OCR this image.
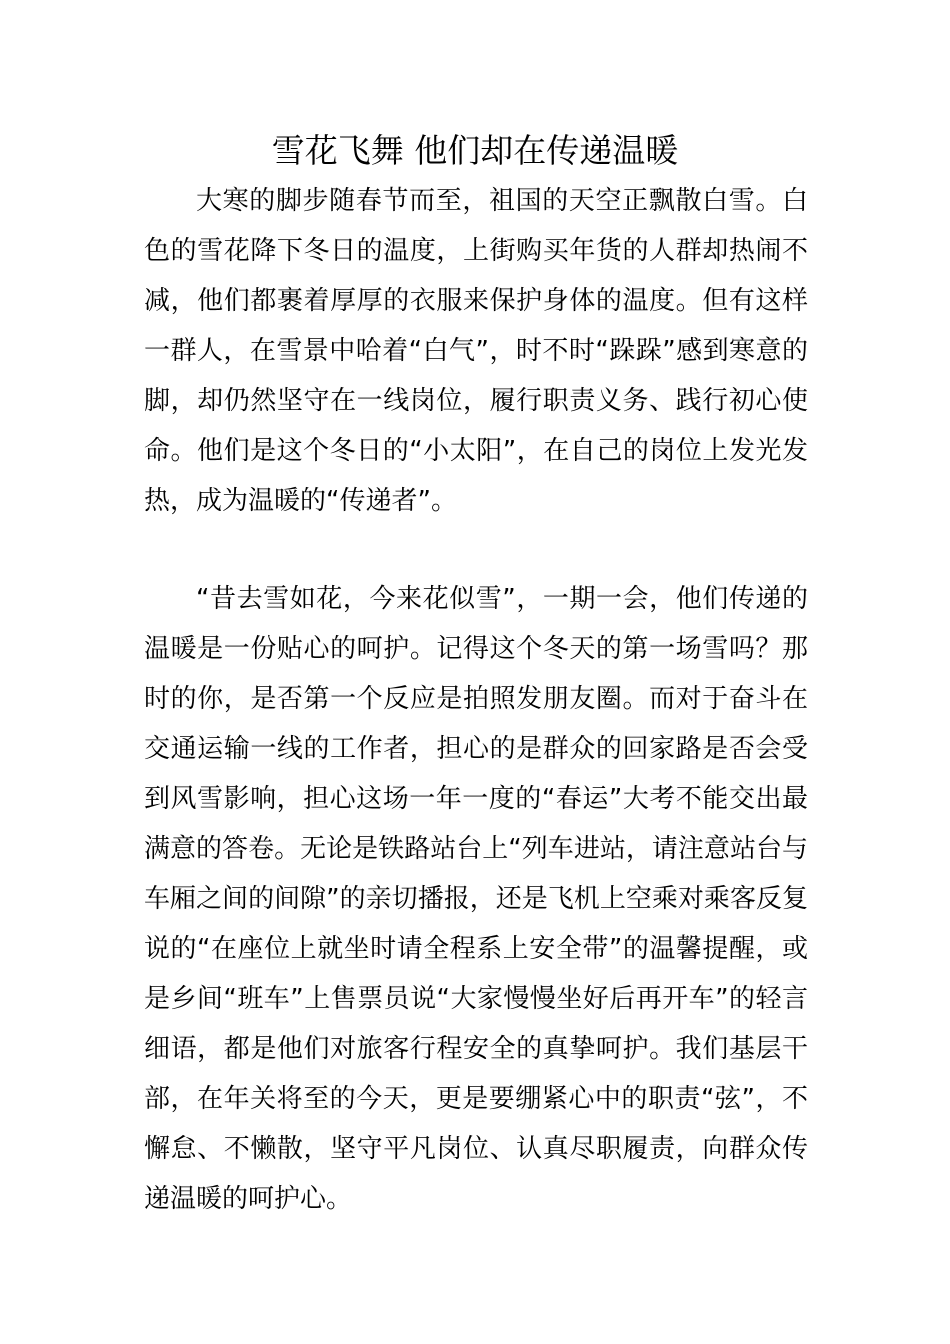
雪花飞舞 他们却在传递温暖

大寒的脚步随春节而至，祖国的天空正飘散白雪。白色的雪花降下冬日的温度，上街购买年货的人群却热闹不减，他们都裹着厚厚的衣服来保护身体的温度。但有这样一群人，在雪景中哈着“白气”，时不时“跺跺”感到寒意的脚，却仍然坚守在一线岗位，履行职责义务、践行初心使命。他们是这个冬日的“小太阳”，在自己的岗位上发光发热，成为温暖的“传递者”。

“昔去雪如花，今来花似雪”，一期一会，他们传递的温暖是一份贴心的呵护。记得这个冬天的第一场雪吗？那时的你，是否第一个反应是拍照发朋友圈。而对于奋斗在交通运输一线的工作者，担心的是群众的回家路是否会受到风雪影响，担心这场一年一度的“春运”大考不能交出最满意的答卷。无论是铁路站台上“列车进站，请注意站台与车厢之间的间隙”的亲切播报，还是飞机上空乘对乘客反复说的“在座位上就坐时请全程系上安全带”的温馨提醒，或是乡间“班车”上售票员说“大家慢慢坐好后再开车”的轻言细语，都是他们对旅客行程安全的真挚呵护。我们基层干部，在年关将至的今天，更是要绷紧心中的职责“弦”，不懈怠、不懒散，坚守平凡岗位、认真尽职履责，向群众传递温暖的呵护心。
